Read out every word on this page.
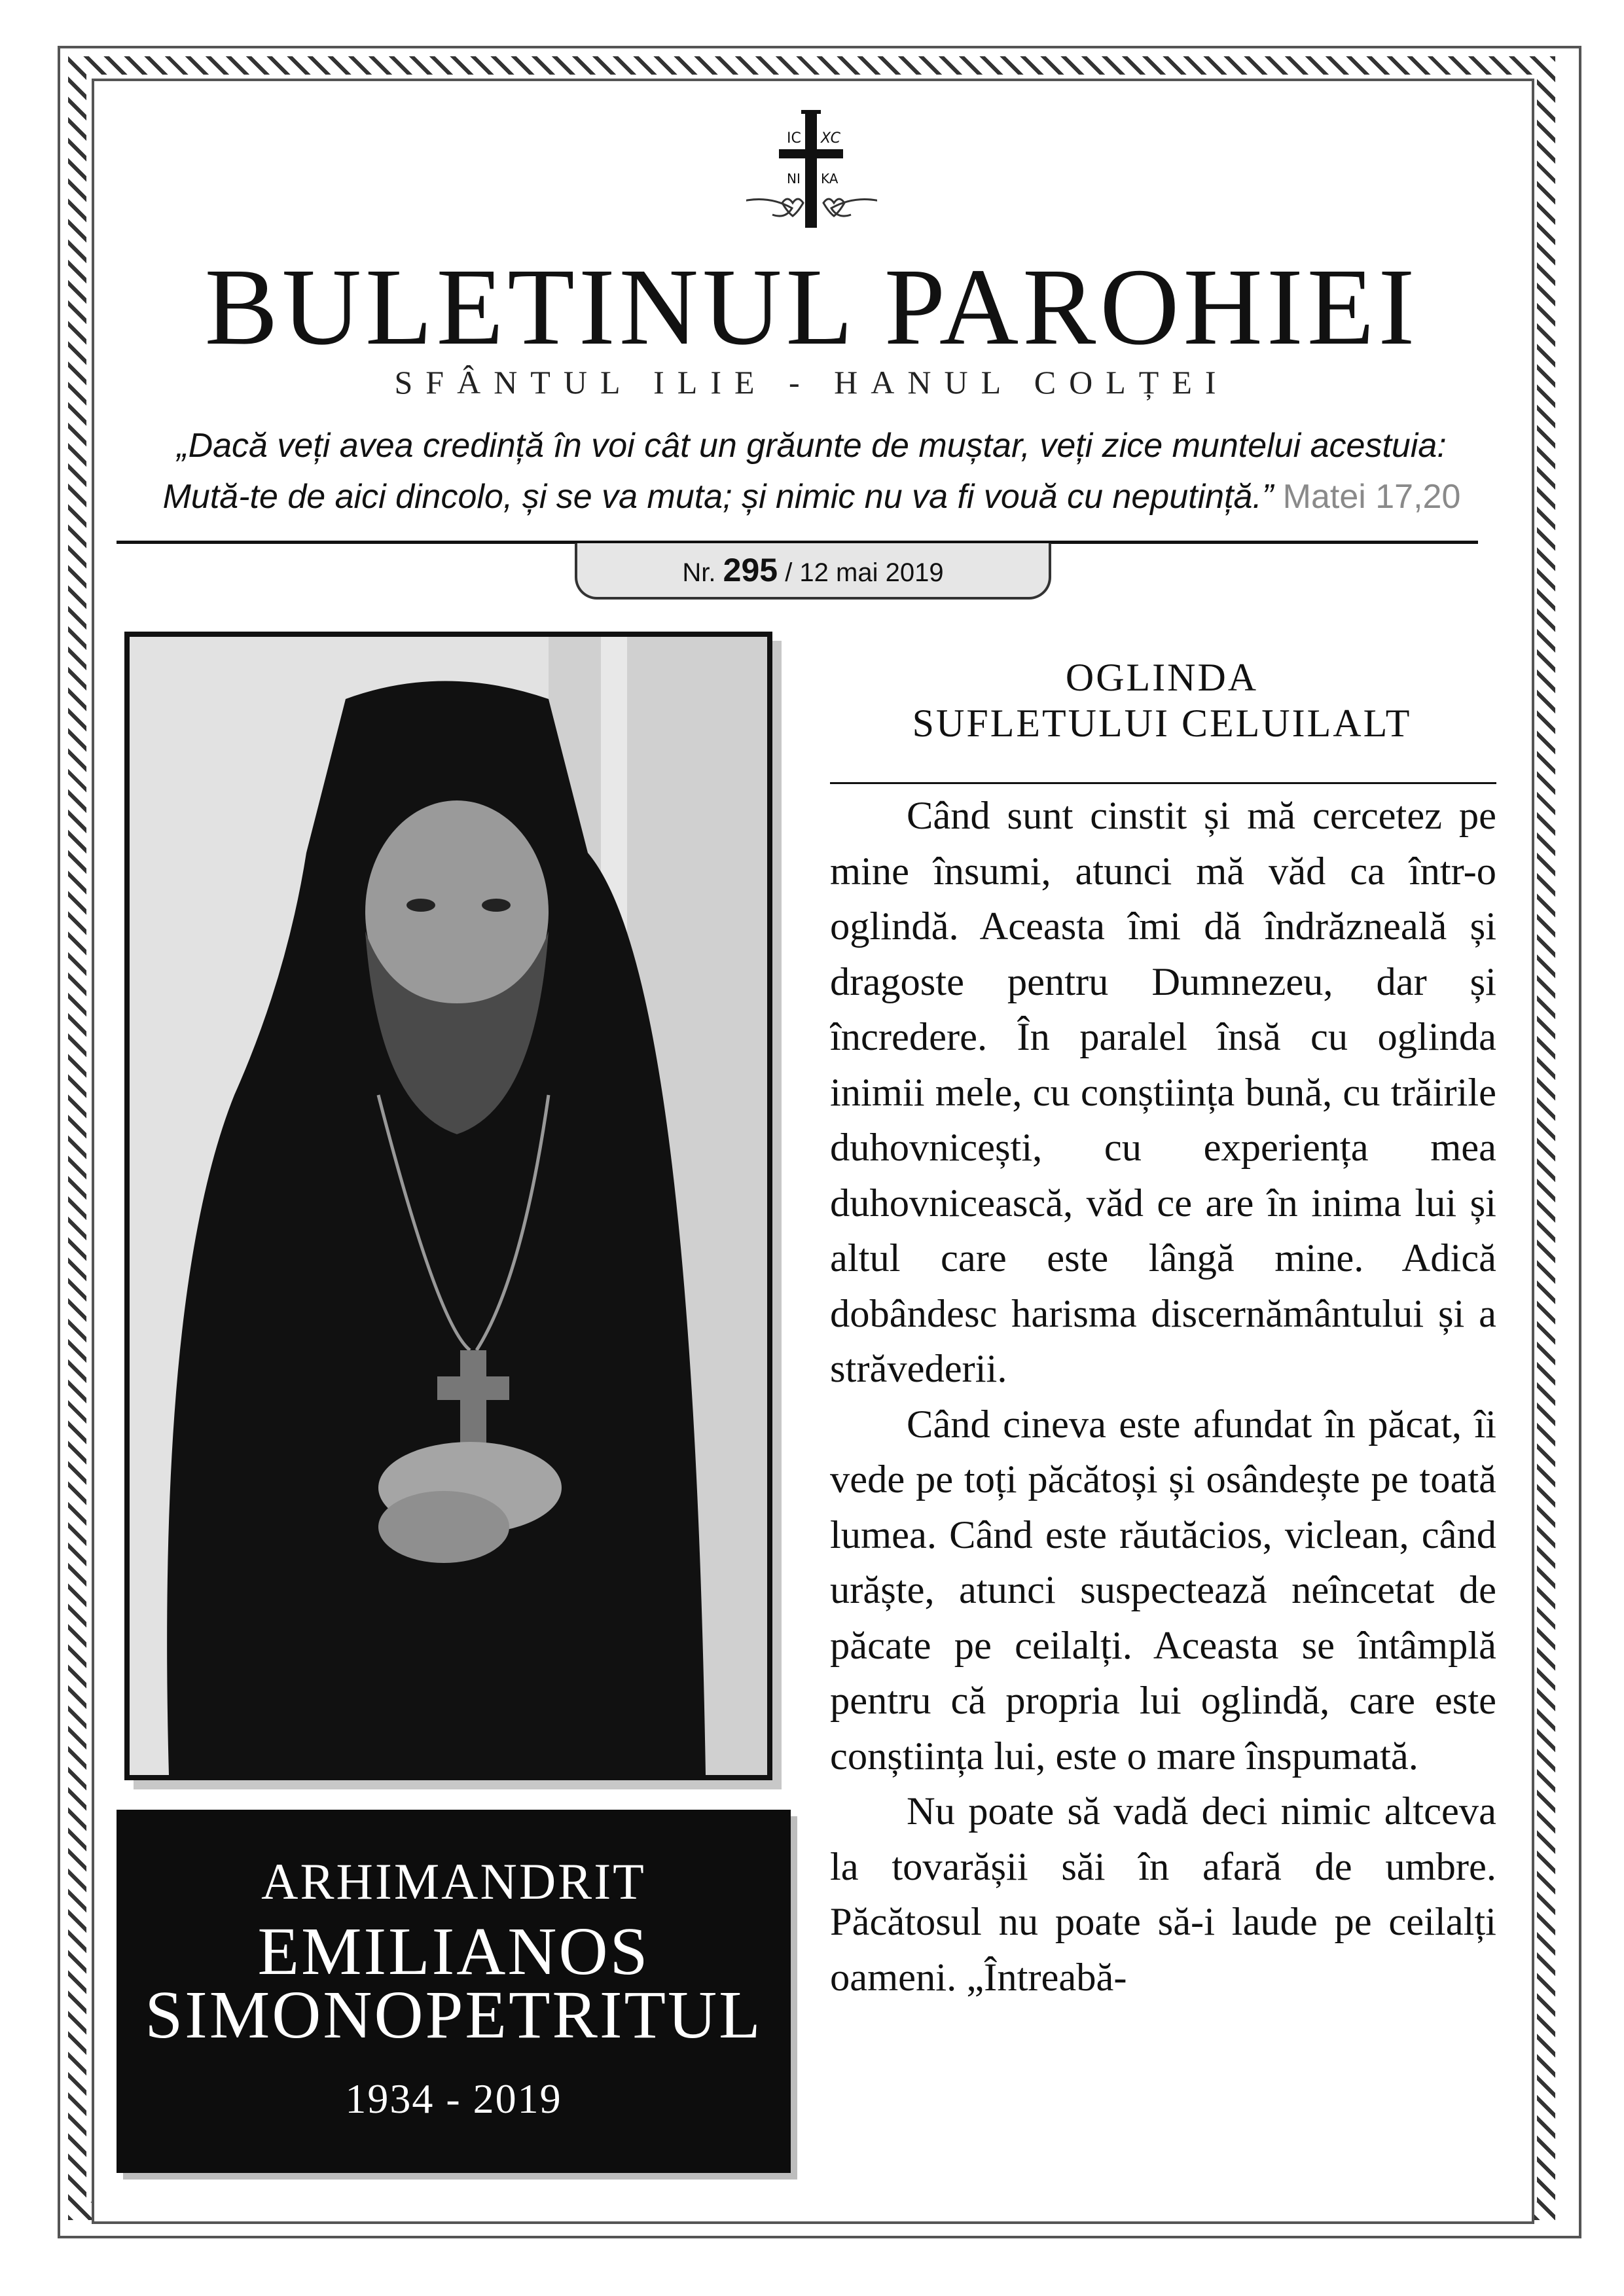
IC XC
NI KA
BULETINUL PAROHIEI
SFÂNTUL ILIE - HANUL COLȚEI
„Dacă veți avea credință în voi cât un grăunte de muștar, veți zice muntelui acestuia:
Mută-te de aici dincolo, și se va muta; și nimic nu va fi vouă cu neputință.” Matei 17,20
Nr. 295 / 12 mai 2019
ARHIMANDRIT
EMILIANOS
SIMONOPETRITUL
1934 - 2019
OGLINDA
SUFLETULUI CELUILALT

Când sunt cinstit și mă cercetez pe mine însumi, atunci mă văd ca într-o oglindă. Aceasta îmi dă îndrăzneală și dragoste pentru Dumnezeu, dar și încredere. În paralel însă cu oglinda inimii mele, cu conștiința bună, cu trăirile duhovnicești, cu experiența mea duhovnicească, văd ce are în inima lui și altul care este lângă mine. Adică dobândesc harisma discernământului și a străvederii.

Când cineva este afundat în păcat, îi vede pe toți păcătoși și osândește pe toată lumea. Când este răutăcios, viclean, când urăște, atunci suspectează neîncetat de păcate pe ceilalți. Aceasta se întâmplă pentru că propria lui oglindă, care este conștiința lui, este o mare înspumată.

Nu poate să vadă deci nimic altceva la tovarășii săi în afară de umbre. Păcătosul nu poate să-i laude pe ceilalți oameni. „Întreabă-
